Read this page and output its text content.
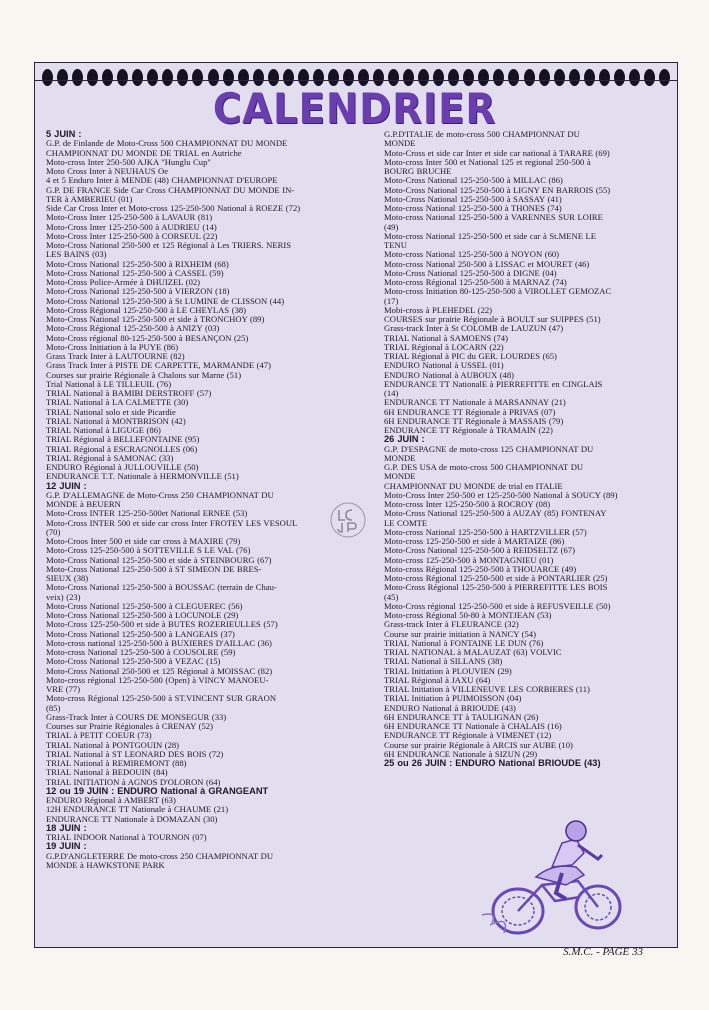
CALENDRIER
5 JUIN :
G.P. de Finlande de Moto-Cross 500 CHAMPIONNAT DU MONDE
CHAMPIONNAT DU MONDE DE TRIAL en Autriche
Moto-cross Inter 250-500 AJKA "Hunglu Cup"
Moto Cross Inter à NEUHAUS Oe
4 et 5 Enduro Inter à MENDE (48) CHAMPIONNAT D'EUROPE
G.P. DE FRANCE Side Car Cross CHAMPIONNAT DU MONDE IN-
TER à AMBERIEU (01)
Side Car Cross Inter et Moto-cross 125-250-500 National à ROEZE (72)
Moto-Cross Inter 125-250-500 à LAVAUR (81)
Moto-Cross Inter 125-250-500 à AUDRIEU (14)
Moto-Cross Inter 125-250-500 à CORSEUL (22)
Moto-Cross National 250-500 et 125 Régional à Les TRIERS. NERIS
LES BAINS (03)
Moto-Cross National 125-250-500 à RIXHEIM (68)
Moto-Cross National 125-250-500 à CASSEL (59)
Moto-Cross Police-Armée à DHUIZEL (02)
Moto-Cross National 125-250-500 à VIERZON (18)
Moto-Cross National 125-250-500 à St LUMINE de CLISSON (44)
Moto-Cross Régional 125-250-500 à LE CHEYLAS (38)
Moto-Cross National 125-250-500 et side à TRONCHOY (89)
Moto-Cross Régional 125-250-500 à ANIZY (03)
Moto-Cross régional 80-125-250-500 à BESANÇON (25)
Moto-Cross Initiation à la PUYE (86)
Grass Track Inter à LAUTOURNE (82)
Grass Track Inter à PISTE DE CARPETTE, MARMANDE (47)
Courses sur prairie Régionale à Chalons sur Marne (51)
Trial National à LE TILLEUIL (76)
TRIAL National à BAMIBI DERSTROFF (57)
TRIAL National à LA CALMETTE (30)
TRIAL National solo et side Picardie
TRIAL National à MONTBRISON (42)
TRIAL National à LIGUGE (86)
TRIAL Régional à BELLEFONTAINE (95)
TRIAL Régional à ESCRAGNOLLES (06)
TRIAL Régional à SAMONAC (33)
ENDURO Régional à JULLOUVILLE (50)
ENDURANCE T.T. Nationale à HERMONVILLE (51)
12 JUIN :
G.P. D'ALLEMAGNE de Moto-Cross 250 CHAMPIONNAT DU
MONDE à BEUERN
Moto-Cross INTER 125-250-500et National ERNEE (53)
Moto-Cross INTER 500 et side car cross Inter FROTEY LES VESOUL
(70)
Moto-Croos Inter 500 et side car cross à MAXIRE (79)
Moto-Cross 125-250-500 à SOTTEVILLE S LE VAL (76)
Moto-Cross National 125-250-500 et side à STEINBOURG (67)
Moto-Cross National 125-250-500 à ST SIMEON DE BRES-
SIEUX (38)
Moto-Cross National 125-250-500 à BOUSSAC (terrain de Chau-
veix) (23)
Moto-Cross National 125-250-500 à CLEGUEREC (56)
Moto-Cross National 125-250-500 à LOCUNOLE (29)
Moto-Cross 125-250-500 et side à BUTES ROZERIEULLES (57)
Moto-Cross National 125-250-500 à LANGEAIS (37)
Moto-cross national 125-250-500 à BUXIERES D'AILLAC (36)
Moto-cross National 125-250-500 à COUSOLRE (59)
Moto-Cross National 125-250-500 à VEZAC (15)
Moto-Cross National 250-500 et 125 Régional à MOISSAC (82)
Moto-cross régional 125-250-500 (Open) à VINCY MANOEU-
VRE (77)
Moto-cross Régional 125-250-500 à ST.VINCENT SUR GRAON
(85)
Grass-Track Inter à COURS DE MONSEGUR (33)
Courses sur Prairie Régionales à CRENAY (52)
TRIAL à PETIT COEUR (73)
TRIAL National à PONTGOUIN (28)
TRIAL National à ST LEONARD DES BOIS (72)
TRIAL National à REMIREMONT (88)
TRIAL National à BEDOUIN (84)
TRIAL INITIATION à AGNOS D'OLORON (64)
12 ou 19 JUIN : ENDURO National à GRANGEANT
ENDURO Régional à AMBERT (63)
12H ENDURANCE TT Nationale à CHAUME (21)
ENDURANCE TT Nationale à DOMAZAN (30)
18 JUIN :
TRIAL INDOOR National à TOURNON (07)
19 JUIN :
G.P.D'ANGLETERRE De moto-cross 250 CHAMPIONNAT DU
MONDE à HAWKSTONE PARK
G.P.D'ITALIE de moto-cross 500 CHAMPIONNAT DU
MONDE
Moto-Cross et side car Inter et side car national à TARARE (69)
Moto-cross Inter 500 et National 125 et regional 250-500 à
BOURG BRUCHE
Moto-Cross National 125-250-500 à MILLAC (86)
Moto-Cross National 125-250-500 à LIGNY EN BARROIS (55)
Moto-Cross National 125-250-500 à SASSAY (41)
Moto-cross National 125-250-500 à THONES (74)
Moto-cross National 125-250-500 à VARENNES SUR LOIRE
(49)
Moto-cross National 125-250-500 et side car à St.MENE LE
TENU
Moto-cross National 125-250-500 à NOYON (60)
Moto-cross National 250-500 à LISSAC et MOURET (46)
Moto-Cross National 125-250-500 à DIGNE (04)
Moto-cross Régional 125-250-500 à MARNAZ (74)
Moto-cross Initiation 80-125-250-500 à VIROLLET GEMOZAC
(17)
Mobi-cross à PLEHEDEL (22)
COURSES sur prairie Régionale à BOULT sur SUIPPES (51)
Grass-track Inter à St COLOMB de LAUZUN (47)
TRIAL National à SAMOENS (74)
TRIAL Régional à LOCARN (22)
TRIAL Régional à PIC du GER. LOURDES (65)
ENDURO National à USSEL (01)
ENDURO National à AUBOUX (48)
ENDURANCE TT NationalE à PIERREFITTE en CINGLAIS
(14)
ENDURANCE TT Nationale à MARSANNAY (21)
6H ENDURANCE TT Régionale à PRIVAS (07)
6H ENDURANCE TT Régionale à MASSAIS (79)
ENDURANCE TT Régionale à TRAMAIN (22)
26 JUIN :
G.P. D'ESPAGNE de moto-cross 125 CHAMPIONNAT DU
MONDE
G.P. DES USA de moto-cross 500 CHAMPIONNAT DU
MONDE
CHAMPIONNAT DU MONDE de trial en ITALIE
Moto-Cross Inter 250-500 et 125-250-500 National à SOUCY (89)
Moto-cross Inter 125-250-500 à ROCROY (08)
Moto-Cross National 125-250-500 à AUZAY (85) FONTENAY
LE COMTE
Moto-cross National 125-250-500 à HARTZVILLER (57)
Moto-cross 125-250-500 et side à MARTAIZE (86)
Moto-Cross National 125-250-500 à REIDSELTZ (67)
Moto-cross 125-250-500 à MONTAGNIEU (01)
Moto-cross Régional 125-250-500 à THOUARCE (49)
Moto-cross Régional 125-250-500 et side à PONTARLIER (25)
Moto-Cross Régional 125-250-500 à PIERREFITTE LES BOIS
(45)
Moto-Cross régional 125-250-500 et side à REFUSVEILLE (50)
Moto-cross Régional 50-80 à MONTJEAN (53)
Grass-track Inter à FLEURANCE (32)
Course sur prairie initiation à NANCY (54)
TRIAL National à FONTAINE LE DUN (76)
TRIAL NATIONAL à MALAUZAT (63) VOLVIC
TRIAL National à SILLANS (38)
TRIAL Initiation à PLOUVIEN (29)
TRIAL Régional à JAXU (64)
TRIAL Initiation à VILLENEUVE LES CORBIERES (11)
TRIAL Initiation à PUIMOISSON (04)
ENDURO National à BRIOUDE (43)
6H ENDURANCE TT à TAULIGNAN (26)
6H ENDURANCE TT Nationale à CHALAIS (16)
ENDURANCE TT Régionale à VIMENET (12)
Course sur prairie Régionale à ARCIS sur AUBE (10)
6H ENDURANCE Nationale à SIZUN (29)
25 ou 26 JUIN : ENDURO National BRIOUDE (43)
S.M.C. - PAGE 33
